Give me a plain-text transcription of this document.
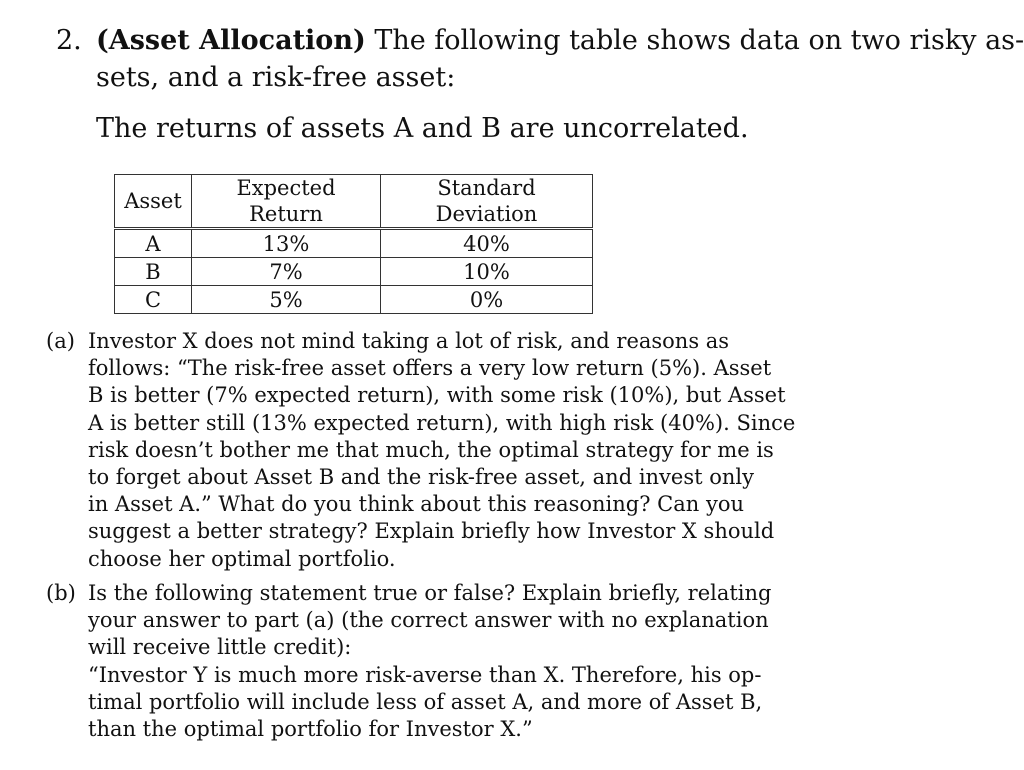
2. (Asset Allocation) The following table shows data on two risky as-
sets, and a risk-free asset:
The returns of assets A and B are uncorrelated.
Asset	Expected Return	Standard Deviation
A	13%	40%
B	7%	10%
C	5%	0%
(a) Investor X does not mind taking a lot of risk, and reasons as
follows: “The risk-free asset offers a very low return (5%). Asset
B is better (7% expected return), with some risk (10%), but Asset
A is better still (13% expected return), with high risk (40%). Since
risk doesn’t bother me that much, the optimal strategy for me is
to forget about Asset B and the risk-free asset, and invest only
in Asset A.” What do you think about this reasoning? Can you
suggest a better strategy? Explain briefly how Investor X should
choose her optimal portfolio.
(b) Is the following statement true or false? Explain briefly, relating
your answer to part (a) (the correct answer with no explanation
will receive little credit):
“Investor Y is much more risk-averse than X. Therefore, his op-
timal portfolio will include less of asset A, and more of Asset B,
than the optimal portfolio for Investor X.”
